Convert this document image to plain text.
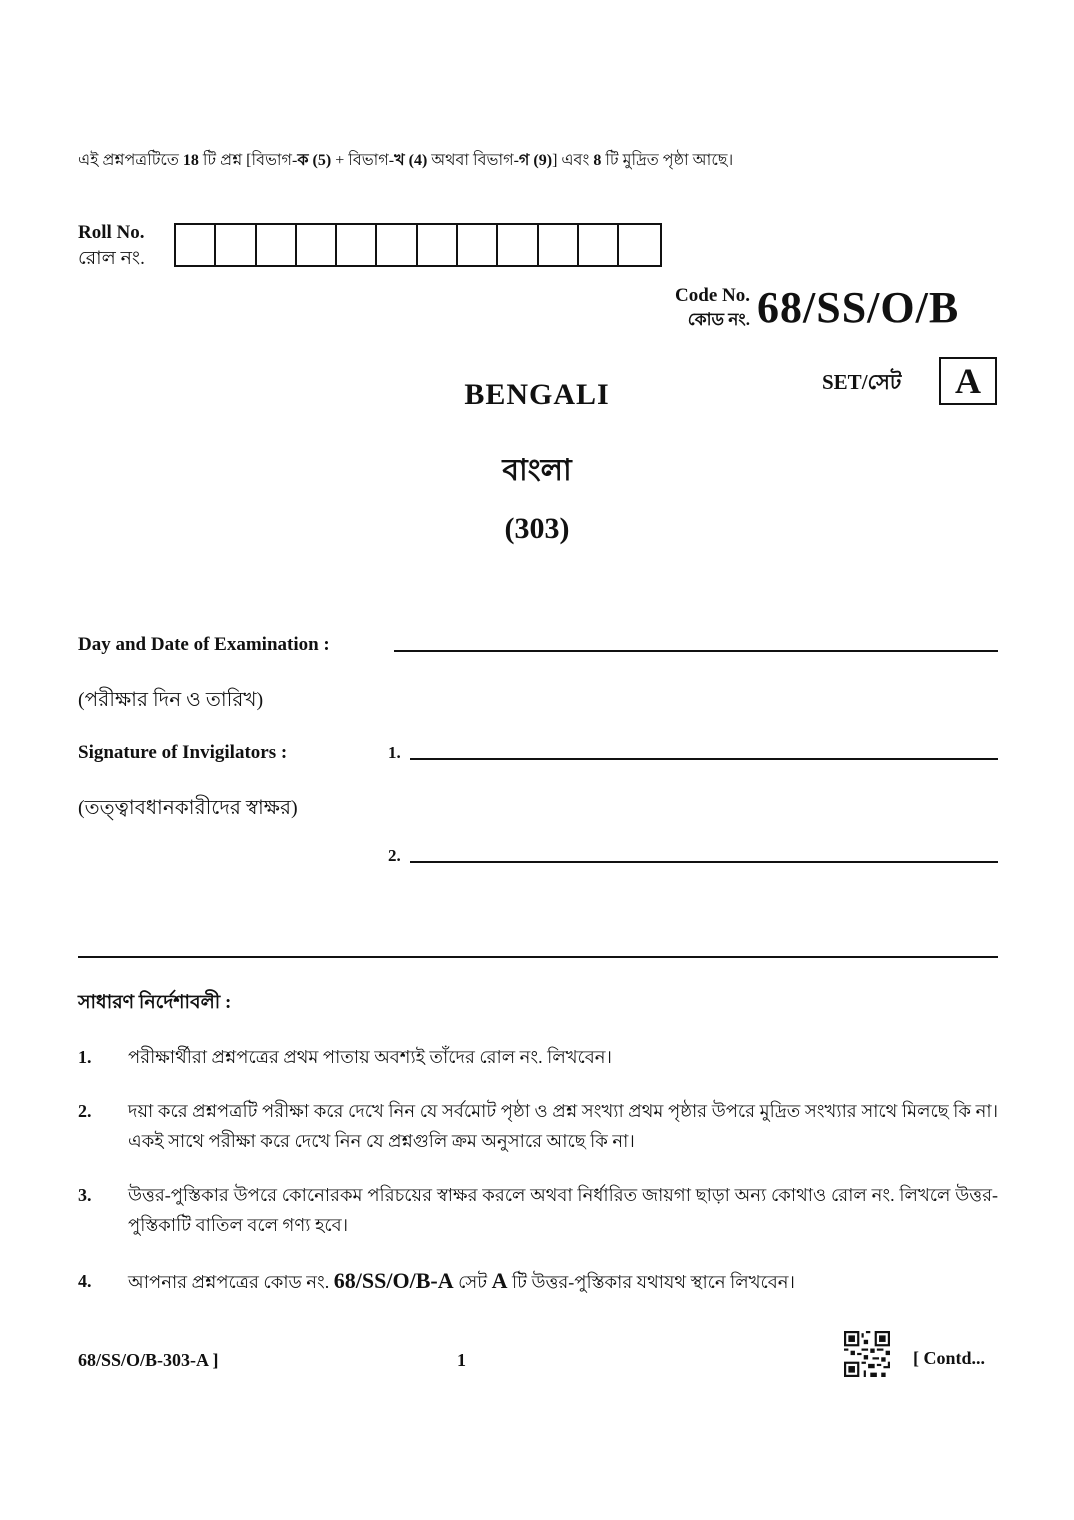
এই প্রশ্নপত্রটিতে 18 টি প্রশ্ন [বিভাগ-ক (5) + বিভাগ-খ (4) অথবা বিভাগ-গ (9)] এবং 8 টি মুদ্রিত পৃষ্ঠা আছে।
Roll No.
রোল নং.
Code No.
কোড নং. 68/SS/O/B
SET/সেট	A
BENGALI
বাংলা
(303)
Day and Date of Examination :
(পরীক্ষার দিন ও তারিখ)
Signature of Invigilators :	1.
(তত্ত্বাবধানকারীদের স্বাক্ষর)
2.
সাধারণ নির্দেশাবলী :
1. পরীক্ষার্থীরা প্রশ্নপত্রের প্রথম পাতায় অবশ্যই তাঁদের রোল নং. লিখবেন।
2. দয়া করে প্রশ্নপত্রটি পরীক্ষা করে দেখে নিন যে সর্বমোট পৃষ্ঠা ও প্রশ্ন সংখ্যা প্রথম পৃষ্ঠার উপরে মুদ্রিত সংখ্যার সাথে মিলছে কি না। একই সাথে পরীক্ষা করে দেখে নিন যে প্রশ্নগুলি ক্রম অনুসারে আছে কি না।
3. উত্তর-পুস্তিকার উপরে কোনোরকম পরিচয়ের স্বাক্ষর করলে অথবা নির্ধারিত জায়গা ছাড়া অন্য কোথাও রোল নং. লিখলে উত্তর-পুস্তিকাটি বাতিল বলে গণ্য হবে।
4. আপনার প্রশ্নপত্রের কোড নং. 68/SS/O/B-A সেট A টি উত্তর-পুস্তিকার যথাযথ স্থানে লিখবেন।
68/SS/O/B-303-A ]	1	[ Contd...
